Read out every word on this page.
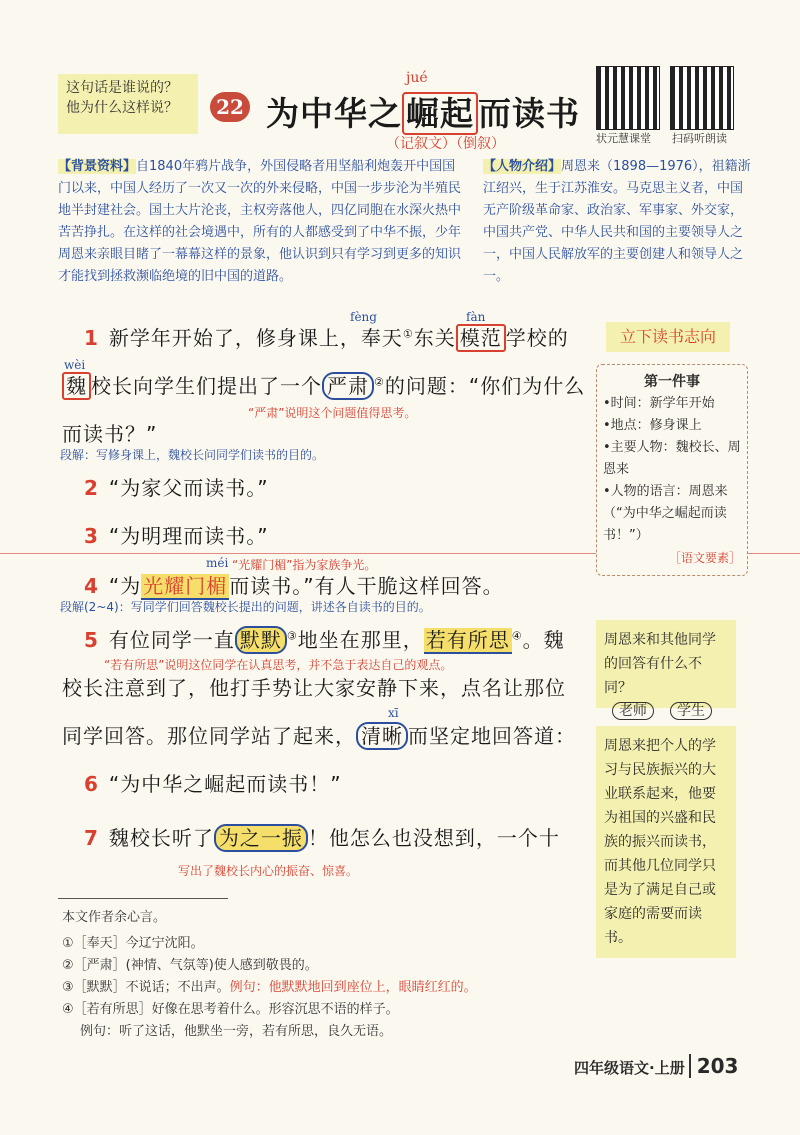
这句话是谁说的？他为什么这样说？	22
jué
为中华之 崛起 而读书
（记叙文）（倒叙）	状元慧课堂 扫码听朗读
【背景资料】自1840年鸦片战争，外国侵略者用坚船利炮轰开中国国门以来，中国人经历了一次又一次的外来侵略，中国一步步沦为半殖民地半封建社会。国土大片沦丧，主权旁落他人，四亿同胞在水深火热中苦苦挣扎。在这样的社会境遇中，所有的人都感受到了中华不振，少年周恩来亲眼目睹了一幕幕这样的景象，他认识到只有学习到更多的知识才能找到拯救濒临绝境的旧中国的道路。
【人物介绍】周恩来（1898—1976），祖籍浙江绍兴，生于江苏淮安。马克思主义者，中国无产阶级革命家、政治家、军事家、外交家，中国共产党、中华人民共和国的主要领导人之一，中国人民解放军的主要创建人和领导人之一。
fèng	fàn
1 新学年开始了，修身课上，奉天①东关 模范 学校的
wèi
魏 校长向学生们提出了一个 严肃 ②的问题：“你们为什么
“严肃”说明这个问题值得思考。
而读书？”
段解：写修身课上，魏校长问同学们读书的目的。
2 “为家父而读书。”
3 “为明理而读书。”
méi “光耀门楣”指为家族争光。
4 “为 光耀门楣 而读书。”有人干脆这样回答。
段解(2~4)：写同学们回答魏校长提出的问题，讲述各自读书的目的。
5 有位同学一直 默默 ③地坐在那里， 若有所思 ④。魏
“若有所思”说明这位同学在认真思考，并不急于表达自己的观点。
校长注意到了，他打手势让大家安静下来，点名让那位
xī
同学回答。那位同学站了起来， 清晰 而坚定地回答道：
6 “为中华之崛起而读书！”
7 魏校长听了 为之一振 ！他怎么也没想到，一个十
写出了魏校长内心的振奋、惊喜。
立下读书志向
第一件事
•时间：新学年开始
•地点：修身课上
•主要人物：魏校长、周恩来
•人物的语言：周恩来（“为中华之崛起而读书！”）
［语文要素］
周恩来和其他同学的回答有什么不同？
老师 学生
周恩来把个人的学习与民族振兴的大业联系起来，他要为祖国的兴盛和民族的振兴而读书，而其他几位同学只是为了满足自己或家庭的需要而读书。
本文作者余心言。
①［奉天］今辽宁沈阳。
②［严肃］(神情、气氛等)使人感到敬畏的。
③［默默］不说话；不出声。例句：他默默地回到座位上，眼睛红红的。
④［若有所思］好像在思考着什么。形容沉思不语的样子。
例句：听了这话，他默坐一旁，若有所思，良久无语。
四年级语文·上册 203
